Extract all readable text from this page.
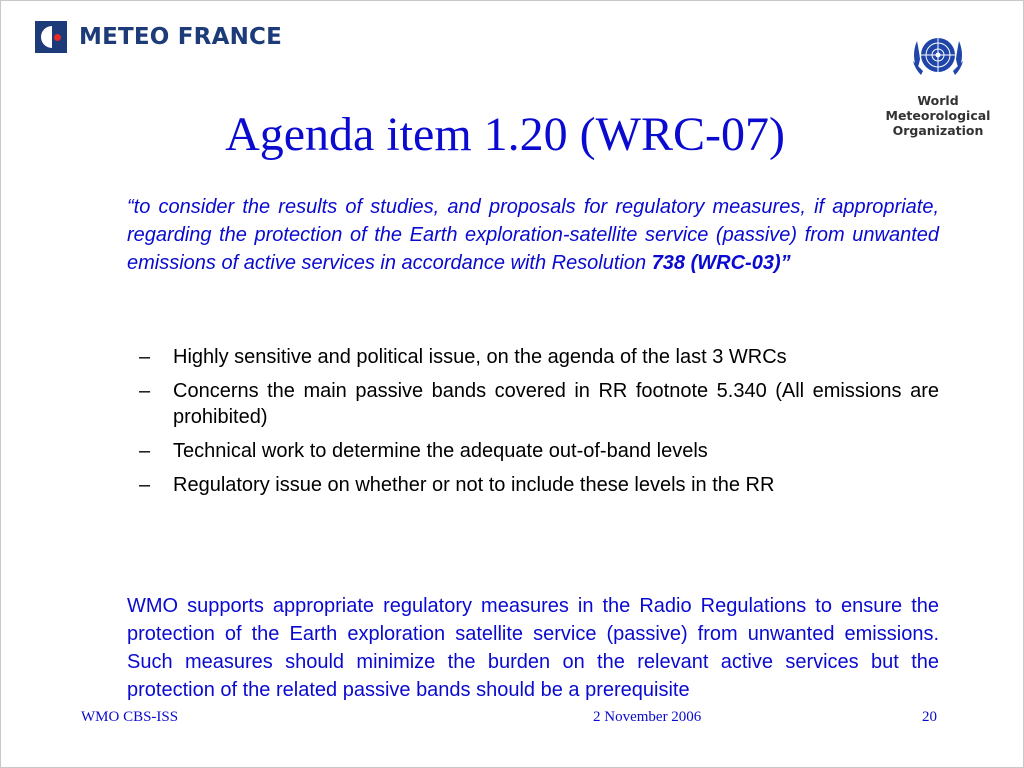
METEO FRANCE
World
Meteorological
Organization
Agenda item 1.20 (WRC-07)

“to consider the results of studies, and proposals for regulatory measures, if appropriate, regarding the protection of the Earth exploration-satellite service (passive) from unwanted emissions of active services in accordance with Resolution 738 (WRC-03)”

– Highly sensitive and political issue, on the agenda of the last 3 WRCs
– Concerns the main passive bands covered in RR footnote 5.340 (All emissions are prohibited)
– Technical work to determine the adequate out-of-band levels
– Regulatory issue on whether or not to include these levels in the RR

WMO supports appropriate regulatory measures in the Radio Regulations to ensure the protection of the Earth exploration satellite service (passive) from unwanted emissions. Such measures should minimize the burden on the relevant active services but the protection of the related passive bands should be a prerequisite

WMO CBS-ISS	2 November 2006	20
